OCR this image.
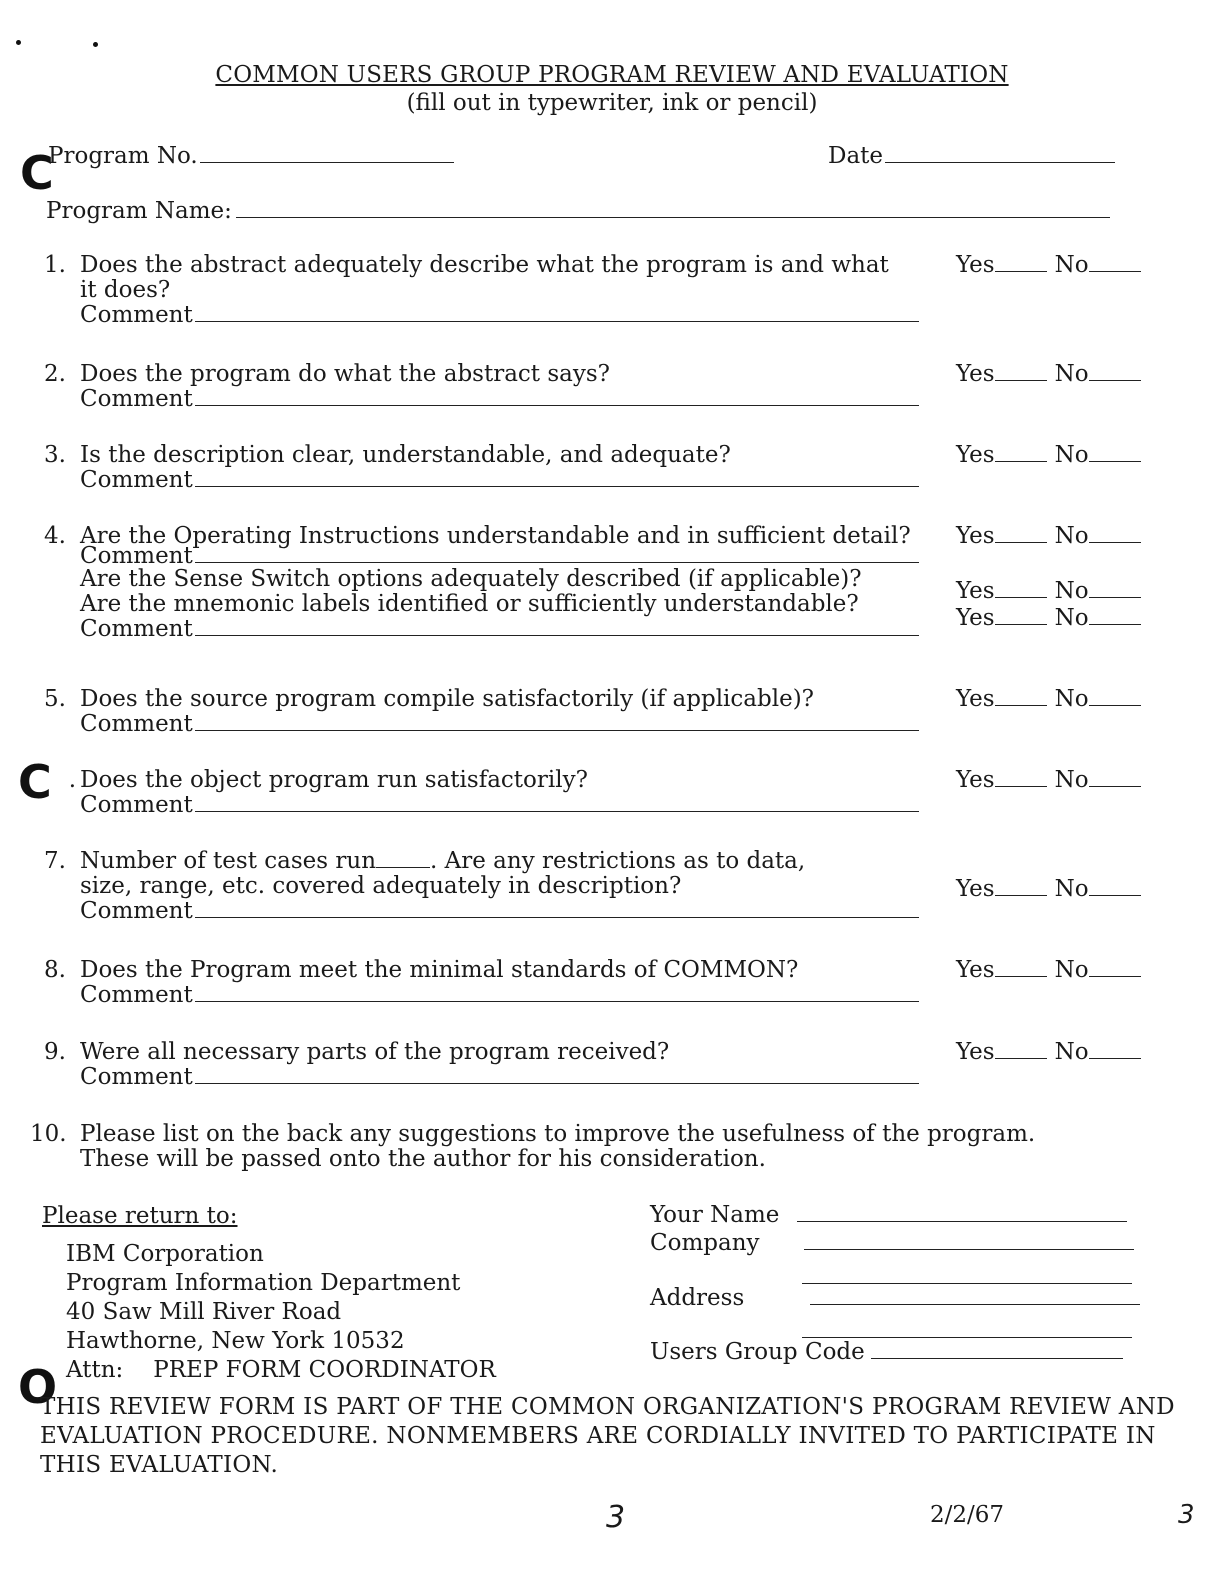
C
C
O
COMMON USERS GROUP PROGRAM REVIEW AND EVALUATION
(fill out in typewriter, ink or pencil)
Program No.	Date
Program Name:
1. Does the abstract adequately describe what the program is and what
it does?
Comment
Yes	No
2. Does the program do what the abstract says?
Comment
Yes	No
3. Is the description clear, understandable, and adequate?
Comment
Yes	No
4. Are the Operating Instructions understandable and in sufficient detail?
Comment
Are the Sense Switch options adequately described (if applicable)?
Are the mnemonic labels identified or sufficiently understandable?
Comment
Yes	No
Yes	No
Yes	No
5. Does the source program compile satisfactorily (if applicable)?
Comment
Yes	No
. Does the object program run satisfactorily?
Comment
Yes	No
7. Number of test cases run . Are any restrictions as to data,
size, range, etc. covered adequately in description?
Comment
Yes	No
8. Does the Program meet the minimal standards of COMMON?
Comment
Yes	No
9. Were all necessary parts of the program received?
Comment
Yes	No
10. Please list on the back any suggestions to improve the usefulness of the program.
These will be passed onto the author for his consideration.
Please return to:
IBM Corporation
Program Information Department
40 Saw Mill River Road
Hawthorne, New York 10532
Attn: PREP FORM COORDINATOR
Your Name
Company
Address
Users Group Code
THIS REVIEW FORM IS PART OF THE COMMON ORGANIZATION'S PROGRAM REVIEW AND EVALUATION PROCEDURE. NONMEMBERS ARE CORDIALLY INVITED TO PARTICIPATE IN THIS EVALUATION.
3	2/2/67	3
